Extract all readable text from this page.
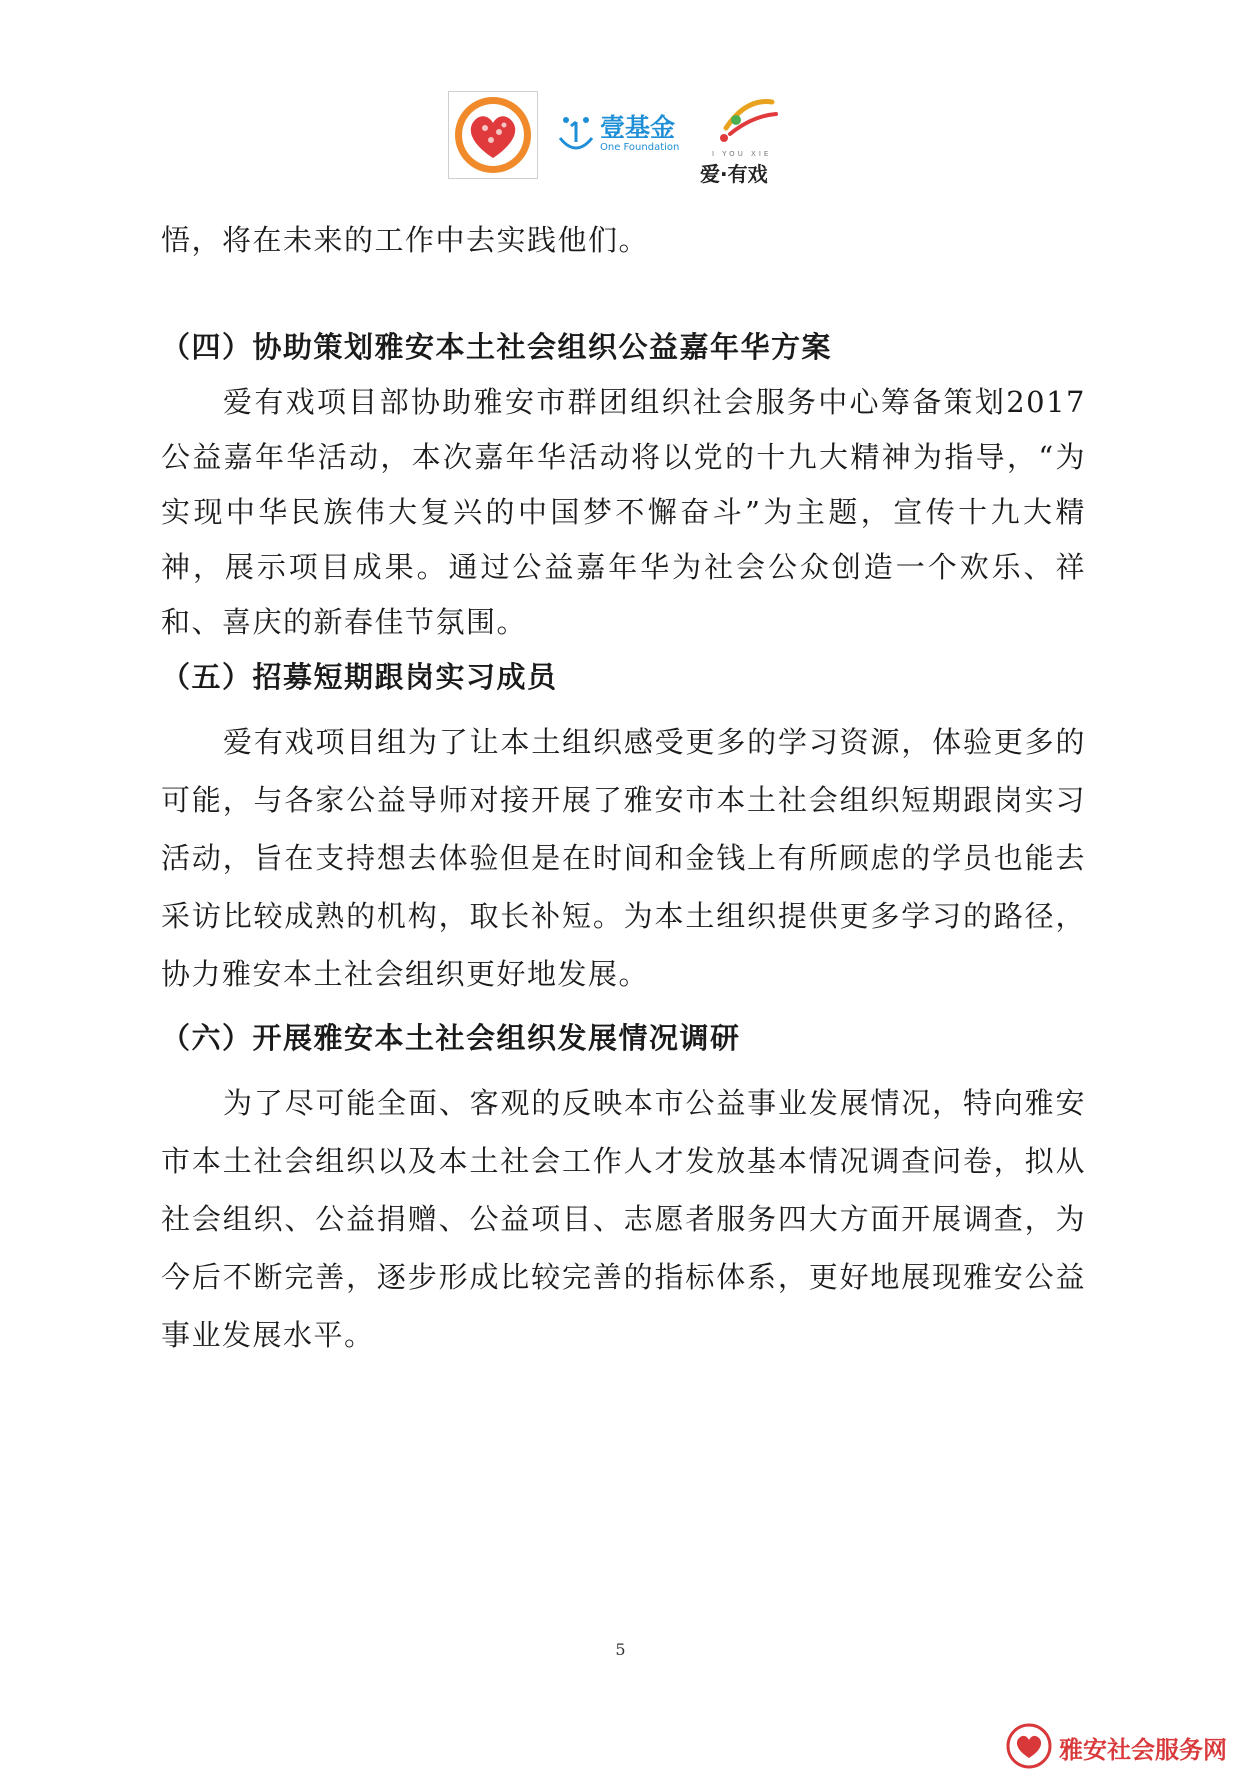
壹基金
One Foundation
I YOU XIE
爱·有戏

悟，将在未来的工作中去实践他们。

（四）协助策划雅安本土社会组织公益嘉年华方案

爱有戏项目部协助雅安市群团组织社会服务中心筹备策划2017公益嘉年华活动，本次嘉年华活动将以党的十九大精神为指导，“为实现中华民族伟大复兴的中国梦不懈奋斗”为主题，宣传十九大精神，展示项目成果。通过公益嘉年华为社会公众创造一个欢乐、祥和、喜庆的新春佳节氛围。

（五）招募短期跟岗实习成员

爱有戏项目组为了让本土组织感受更多的学习资源，体验更多的可能，与各家公益导师对接开展了雅安市本土社会组织短期跟岗实习活动，旨在支持想去体验但是在时间和金钱上有所顾虑的学员也能去采访比较成熟的机构，取长补短。为本土组织提供更多学习的路径，协力雅安本土社会组织更好地发展。

（六）开展雅安本土社会组织发展情况调研

为了尽可能全面、客观的反映本市公益事业发展情况，特向雅安市本土社会组织以及本土社会工作人才发放基本情况调查问卷，拟从社会组织、公益捐赠、公益项目、志愿者服务四大方面开展调查，为今后不断完善，逐步形成比较完善的指标体系，更好地展现雅安公益事业发展水平。

5
雅安社会服务网
